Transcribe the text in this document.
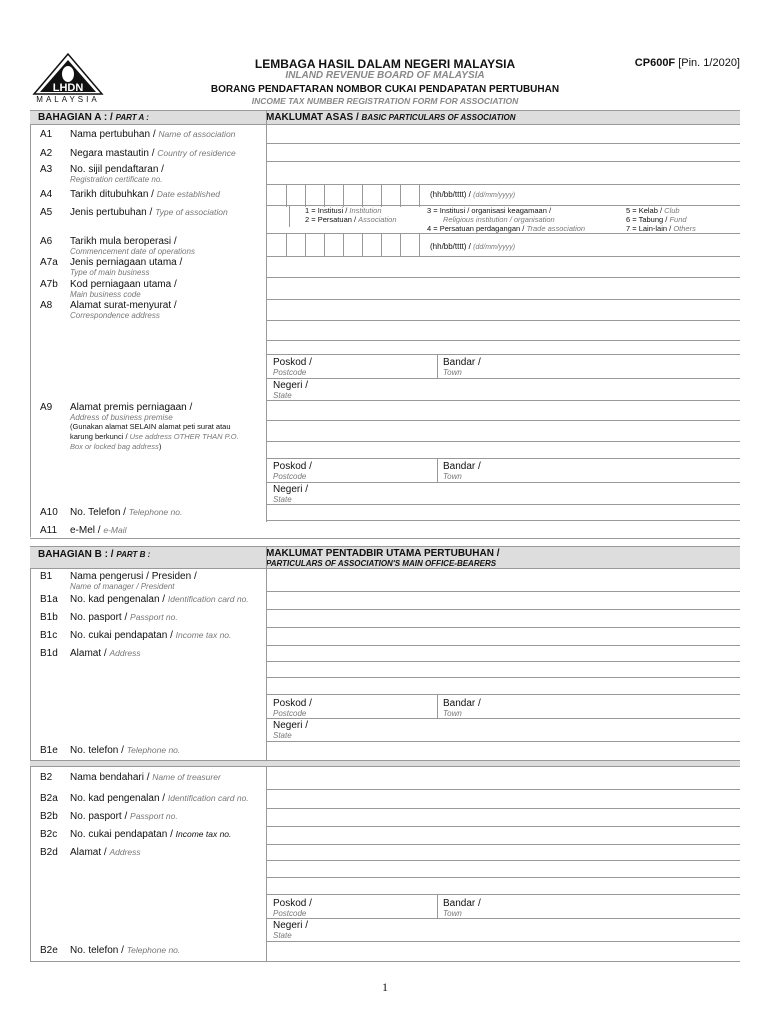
LHDN
MALAYSIA
LEMBAGA HASIL DALAM NEGERI MALAYSIA
INLAND REVENUE BOARD OF MALAYSIA
BORANG PENDAFTARAN NOMBOR CUKAI PENDAPATAN PERTUBUHAN
INCOME TAX NUMBER REGISTRATION FORM FOR ASSOCIATION
CP600F [Pin. 1/2020]
BAHAGIAN A : / PART A :	MAKLUMAT ASAS / BASIC PARTICULARS OF ASSOCIATION
A1 Nama pertubuhan / Name of association
A2 Negara mastautin / Country of residence
A3 No. sijil pendaftaran /
Registration certificate no.
A4 Tarikh ditubuhkan / Date established	(hh/bb/tttt) / (dd/mm/yyyy)
A5 Jenis pertubuhan / Type of association	1 = Institusi / Institution
2 = Persatuan / Association
3 = Institusi / organisasi keagamaan /
Religious institution / organisation
4 = Persatuan perdagangan / Trade association
5 = Kelab / Club
6 = Tabung / Fund
7 = Lain-lain / Others
A6 Tarikh mula beroperasi /
Commencement date of operations
(hh/bb/tttt) / (dd/mm/yyyy)
A7a Jenis perniagaan utama /
Type of main business
A7b Kod perniagaan utama /
Main business code
A8 Alamat surat-menyurat /
Correspondence address
Poskod /
Postcode
Bandar /
Town
Negeri /
State
A9 Alamat premis perniagaan /
Address of business premise
(Gunakan alamat SELAIN alamat peti surat atau
karung berkunci / Use address OTHER THAN P.O.
Box or locked bag address)
Poskod /
Postcode
Bandar /
Town
Negeri /
State
A10 No. Telefon / Telephone no.
A11 e-Mel / e-Mail
BAHAGIAN B : / PART B :	MAKLUMAT PENTADBIR UTAMA PERTUBUHAN /
PARTICULARS OF ASSOCIATION'S MAIN OFFICE-BEARERS
B1 Nama pengerusi / Presiden /
Name of manager / President
B1a No. kad pengenalan / Identification card no.
B1b No. pasport / Passport no.
B1c No. cukai pendapatan / Income tax no.
B1d Alamat / Address
Poskod /
Postcode
Bandar /
Town
Negeri /
State
B1e No. telefon / Telephone no.
B2 Nama bendahari / Name of treasurer
B2a No. kad pengenalan / Identification card no.
B2b No. pasport / Passport no.
B2c No. cukai pendapatan / Income tax no.
B2d Alamat / Address
Poskod /
Postcode
Bandar /
Town
Negeri /
State
B2e No. telefon / Telephone no.
1
